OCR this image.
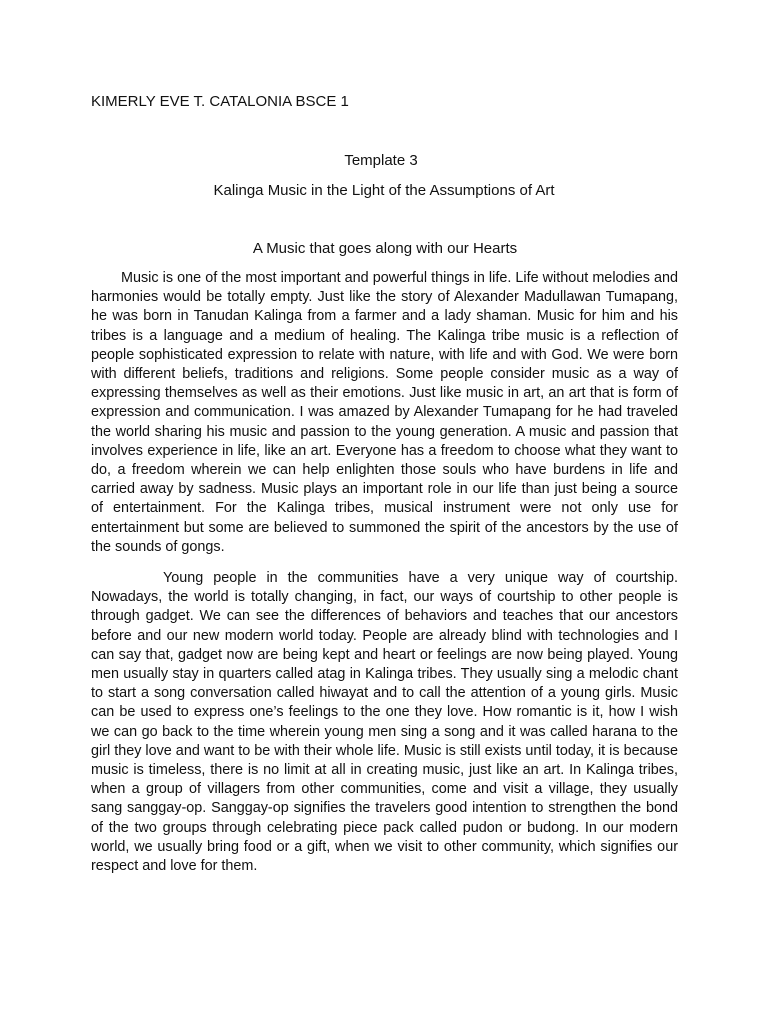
KIMERLY EVE T. CATALONIA BSCE 1
Template 3
Kalinga Music in the Light of the Assumptions of Art
A Music that goes along with our Hearts

Music is one of the most important and powerful things in life. Life without melodies and harmonies would be totally empty. Just like the story of Alexander Madullawan Tumapang, he was born in Tanudan Kalinga from a farmer and a lady shaman. Music for him and his tribes is a language and a medium of healing. The Kalinga tribe music is a reflection of people sophisticated expression to relate with nature, with life and with God. We were born with different beliefs, traditions and religions. Some people consider music as a way of expressing themselves as well as their emotions. Just like music in art, an art that is form of expression and communication. I was amazed by Alexander Tumapang for he had traveled the world sharing his music and passion to the young generation. A music and passion that involves experience in life, like an art. Everyone has a freedom to choose what they want to do, a freedom wherein we can help enlighten those souls who have burdens in life and carried away by sadness. Music plays an important role in our life than just being a source of entertainment. For the Kalinga tribes, musical instrument were not only use for entertainment but some are believed to summoned the spirit of the ancestors by the use of the sounds of gongs.

Young people in the communities have a very unique way of courtship. Nowadays, the world is totally changing, in fact, our ways of courtship to other people is through gadget. We can see the differences of behaviors and teaches that our ancestors before and our new modern world today. People are already blind with technologies and I can say that, gadget now are being kept and heart or feelings are now being played. Young men usually stay in quarters called atag in Kalinga tribes. They usually sing a melodic chant to start a song conversation called hiwayat and to call the attention of a young girls. Music can be used to express one’s feelings to the one they love. How romantic is it, how I wish we can go back to the time wherein young men sing a song and it was called harana to the girl they love and want to be with their whole life. Music is still exists until today, it is because music is timeless, there is no limit at all in creating music, just like an art. In Kalinga tribes, when a group of villagers from other communities, come and visit a village, they usually sang sanggay-op. Sanggay-op signifies the travelers good intention to strengthen the bond of the two groups through celebrating piece pack called pudon or budong. In our modern world, we usually bring food or a gift, when we visit to other community, which signifies our respect and love for them.
